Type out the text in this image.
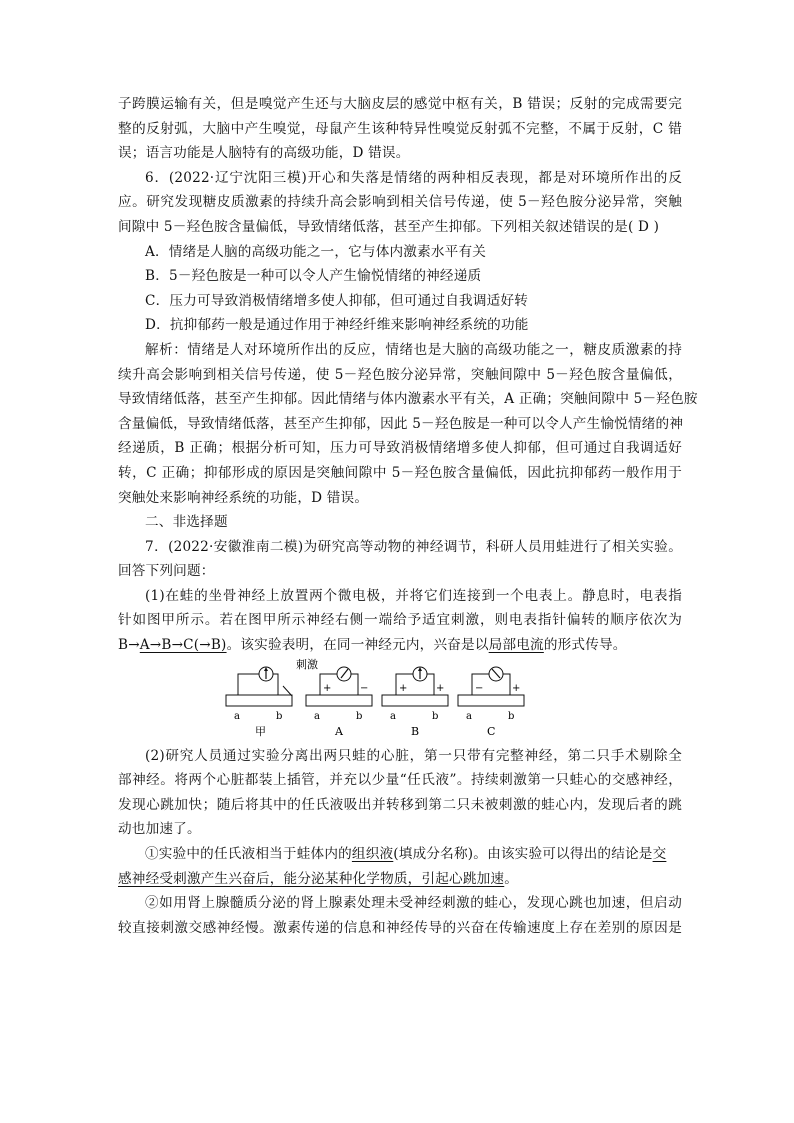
子跨膜运输有关，但是嗅觉产生还与大脑皮层的感觉中枢有关，B 错误；反射的完成需要完
整的反射弧，大脑中产生嗅觉，母鼠产生该种特异性嗅觉反射弧不完整，不属于反射，C 错
误；语言功能是人脑特有的高级功能，D 错误。
6．(2022·辽宁沈阳三模)开心和失落是情绪的两种相反表现，都是对环境所作出的反
应。研究发现糖皮质激素的持续升高会影响到相关信号传递，使 5－羟色胺分泌异常，突触
间隙中 5－羟色胺含量偏低，导致情绪低落，甚至产生抑郁。下列相关叙述错误的是( D )
A．情绪是人脑的高级功能之一，它与体内激素水平有关
B．5－羟色胺是一种可以令人产生愉悦情绪的神经递质
C．压力可导致消极情绪增多使人抑郁，但可通过自我调适好转
D．抗抑郁药一般是通过作用于神经纤维来影响神经系统的功能
解析：情绪是人对环境所作出的反应，情绪也是大脑的高级功能之一，糖皮质激素的持
续升高会影响到相关信号传递，使 5－羟色胺分泌异常，突触间隙中 5－羟色胺含量偏低，
导致情绪低落，甚至产生抑郁。因此情绪与体内激素水平有关，A 正确；突触间隙中 5－羟色胺
含量偏低，导致情绪低落，甚至产生抑郁，因此 5－羟色胺是一种可以令人产生愉悦情绪的神
经递质，B 正确；根据分析可知，压力可导致消极情绪增多使人抑郁，但可通过自我调适好
转，C 正确；抑郁形成的原因是突触间隙中 5－羟色胺含量偏低，因此抗抑郁药一般作用于
突触处来影响神经系统的功能，D 错误。
二、非选择题
7．(2022·安徽淮南二模)为研究高等动物的神经调节，科研人员用蛙进行了相关实验。
回答下列问题：
(1)在蛙的坐骨神经上放置两个微电极，并将它们连接到一个电表上。静息时，电表指
针如图甲所示。若在图甲所示神经右侧一端给予适宜刺激，则电表指针偏转的顺序依次为
B→A→B→C(→B)。该实验表明，在同一神经元内，兴奋是以局部电流的形式传导。
刺激
a	b
甲
+	−
a	b
A
+	+
a	b
B
−	+
a	b
C
(2)研究人员通过实验分离出两只蛙的心脏，第一只带有完整神经，第二只手术剔除全
部神经。将两个心脏都装上插管，并充以少量“任氏液”。持续刺激第一只蛙心的交感神经，
发现心跳加快；随后将其中的任氏液吸出并转移到第二只未被刺激的蛙心内，发现后者的跳
动也加速了。
①实验中的任氏液相当于蛙体内的组织液(填成分名称)。由该实验可以得出的结论是交
感神经受刺激产生兴奋后，能分泌某种化学物质，引起心跳加速。
②如用肾上腺髓质分泌的肾上腺素处理未受神经刺激的蛙心，发现心跳也加速，但启动
较直接刺激交感神经慢。激素传递的信息和神经传导的兴奋在传输速度上存在差别的原因是
